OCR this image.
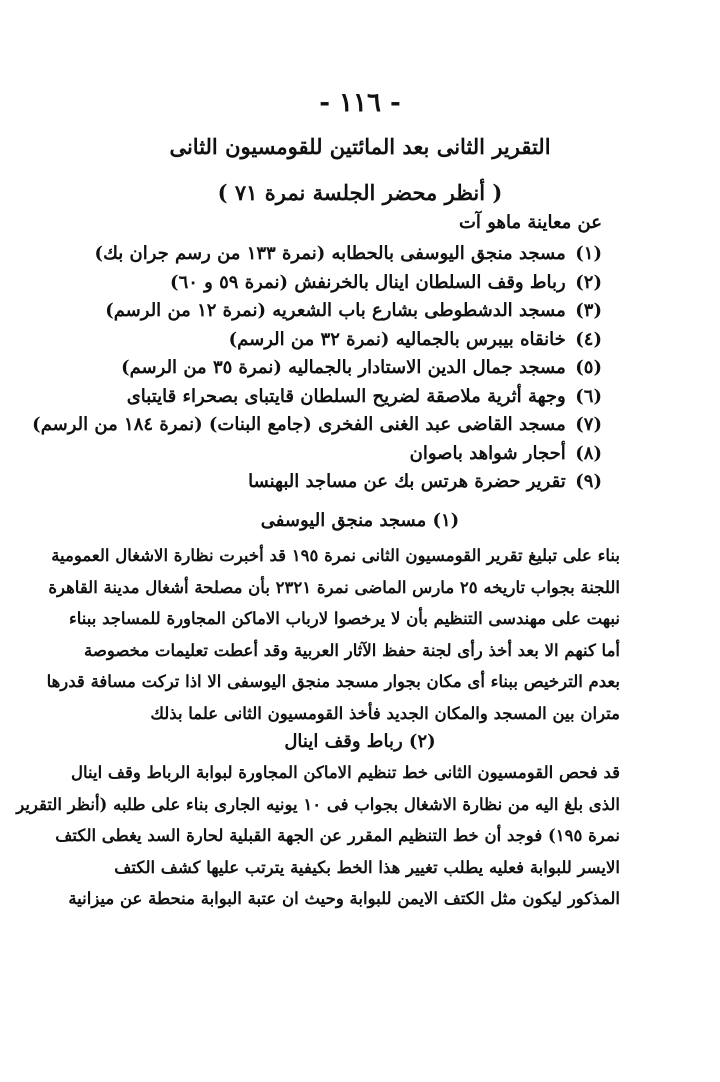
- ١١٦ -
التقرير الثانى بعد المائتين للقومسيون الثانى
( أنظر محضر الجلسة نمرة ٧١ )
عن معاينة ماهو آت
(١) مسجد منجق اليوسفى بالحطابه (نمرة ١٣٣ من رسم جران بك)
(٢) رباط وقف السلطان اينال بالخرنفش (نمرة ٥٩ و ٦٠)
(٣) مسجد الدشطوطى بشارع باب الشعريه (نمرة ١٢ من الرسم)
(٤) خانقاه بيبرس بالجماليه (نمرة ٣٢ من الرسم)
(٥) مسجد جمال الدين الاستادار بالجماليه (نمرة ٣٥ من الرسم)
(٦) وجهة أثرية ملاصقة لضريح السلطان قايتباى بصحراء قايتباى
(٧) مسجد القاضى عبد الغنى الفخرى (جامع البنات) (نمرة ١٨٤ من الرسم)
(٨) أحجار شواهد باصوان
(٩) تقرير حضرة هرتس بك عن مساجد البهنسا
(١) مسجد منجق اليوسفى
بناء على تبليغ تقرير القومسيون الثانى نمرة ١٩٥ قد أخبرت نظارة الاشغال العمومية
اللجنة بجواب تاريخه ٢٥ مارس الماضى نمرة ٢٣٢١ بأن مصلحة أشغال مدينة القاهرة
نبهت على مهندسى التنظيم بأن لا يرخصوا لارباب الاماكن المجاورة للمساجد ببناء
أما كنهم الا بعد أخذ رأى لجنة حفظ الآثار العربية وقد أعطت تعليمات مخصوصة
بعدم الترخيص ببناء أى مكان بجوار مسجد منجق اليوسفى الا اذا تركت مسافة قدرها
متران بين المسجد والمكان الجديد فأخذ القومسيون الثانى علما بذلك
(٢) رباط وقف اينال
قد فحص القومسيون الثانى خط تنظيم الاماكن المجاورة لبوابة الرباط وقف اينال
الذى بلغ اليه من نظارة الاشغال بجواب فى ١٠ يونيه الجارى بناء على طلبه (أنظر التقرير
نمرة ١٩٥) فوجد أن خط التنظيم المقرر عن الجهة القبلية لحارة السد يغطى الكتف
الايسر للبوابة فعليه يطلب تغيير هذا الخط بكيفية يترتب عليها كشف الكتف
المذكور ليكون مثل الكتف الايمن للبوابة وحيث ان عتبة البوابة منحطة عن ميزانية
